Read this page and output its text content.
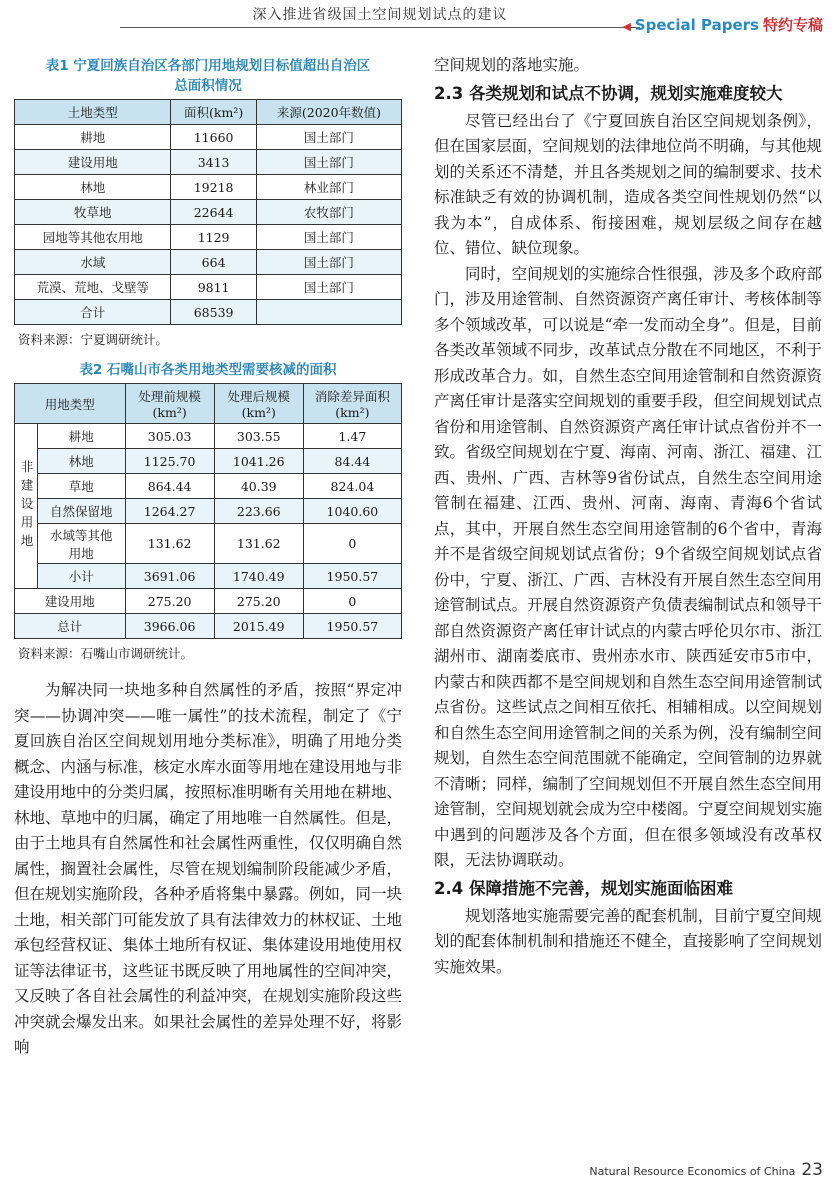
深入推进省级国土空间规划试点的建议
◀ Special Papers 特约专稿
表1 宁夏回族自治区各部门用地规划目标值超出自治区
总面积情况
土地类型	面积(km²)	来源(2020年数值)
耕地	11660	国土部门
建设用地	3413	国土部门
林地	19218	林业部门
牧草地	22644	农牧部门
园地等其他农用地	1129	国土部门
水域	664	国土部门
荒漠、荒地、戈壁等	9811	国土部门
合计	68539	
资料来源：宁夏调研统计。
表2 石嘴山市各类用地类型需要核减的面积
用地类型		处理前规模(km²)	处理后规模(km²)	消除差异面积(km²)
非建设用地	耕地	305.03	303.55	1.47
	林地	1125.70	1041.26	84.44
	草地	864.44	40.39	824.04
	自然保留地	1264.27	223.66	1040.60
	水域等其他用地	131.62	131.62	0
	小计	3691.06	1740.49	1950.57
建设用地		275.20	275.20	0
总计		3966.06	2015.49	1950.57
资料来源：石嘴山市调研统计。

为解决同一块地多种自然属性的矛盾，按照“界定冲突——协调冲突——唯一属性”的技术流程，制定了《宁夏回族自治区空间规划用地分类标准》，明确了用地分类概念、内涵与标准，核定水库水面等用地在建设用地与非建设用地中的分类归属，按照标准明晰有关用地在耕地、林地、草地中的归属，确定了用地唯一自然属性。但是，由于土地具有自然属性和社会属性两重性，仅仅明确自然属性，搁置社会属性，尽管在规划编制阶段能减少矛盾，但在规划实施阶段，各种矛盾将集中暴露。例如，同一块土地，相关部门可能发放了具有法律效力的林权证、土地承包经营权证、集体土地所有权证、集体建设用地使用权证等法律证书，这些证书既反映了用地属性的空间冲突，又反映了各自社会属性的利益冲突，在规划实施阶段这些冲突就会爆发出来。如果社会属性的差异处理不好，将影响

空间规划的落地实施。

2.3 各类规划和试点不协调，规划实施难度较大

尽管已经出台了《宁夏回族自治区空间规划条例》，但在国家层面，空间规划的法律地位尚不明确，与其他规划的关系还不清楚，并且各类规划之间的编制要求、技术标准缺乏有效的协调机制，造成各类空间性规划仍然“以我为本”，自成体系、衔接困难，规划层级之间存在越位、错位、缺位现象。

同时，空间规划的实施综合性很强，涉及多个政府部门，涉及用途管制、自然资源资产离任审计、考核体制等多个领域改革，可以说是“牵一发而动全身”。但是，目前各类改革领域不同步，改革试点分散在不同地区，不利于形成改革合力。如，自然生态空间用途管制和自然资源资产离任审计是落实空间规划的重要手段，但空间规划试点省份和用途管制、自然资源资产离任审计试点省份并不一致。省级空间规划在宁夏、海南、河南、浙江、福建、江西、贵州、广西、吉林等9省份试点，自然生态空间用途管制在福建、江西、贵州、河南、海南、青海6个省试点，其中，开展自然生态空间用途管制的6个省中，青海并不是省级空间规划试点省份；9个省级空间规划试点省份中，宁夏、浙江、广西、吉林没有开展自然生态空间用途管制试点。开展自然资源资产负债表编制试点和领导干部自然资源资产离任审计试点的内蒙古呼伦贝尔市、浙江湖州市、湖南娄底市、贵州赤水市、陕西延安市5市中，内蒙古和陕西都不是空间规划和自然生态空间用途管制试点省份。这些试点之间相互依托、相辅相成。以空间规划和自然生态空间用途管制之间的关系为例，没有编制空间规划，自然生态空间范围就不能确定，空间管制的边界就不清晰；同样，编制了空间规划但不开展自然生态空间用途管制，空间规划就会成为空中楼阁。宁夏空间规划实施中遇到的问题涉及各个方面，但在很多领域没有改革权限，无法协调联动。

2.4 保障措施不完善，规划实施面临困难

规划落地实施需要完善的配套机制，目前宁夏空间规划的配套体制机制和措施还不健全，直接影响了空间规划实施效果。

Natural Resource Economics of China 23
